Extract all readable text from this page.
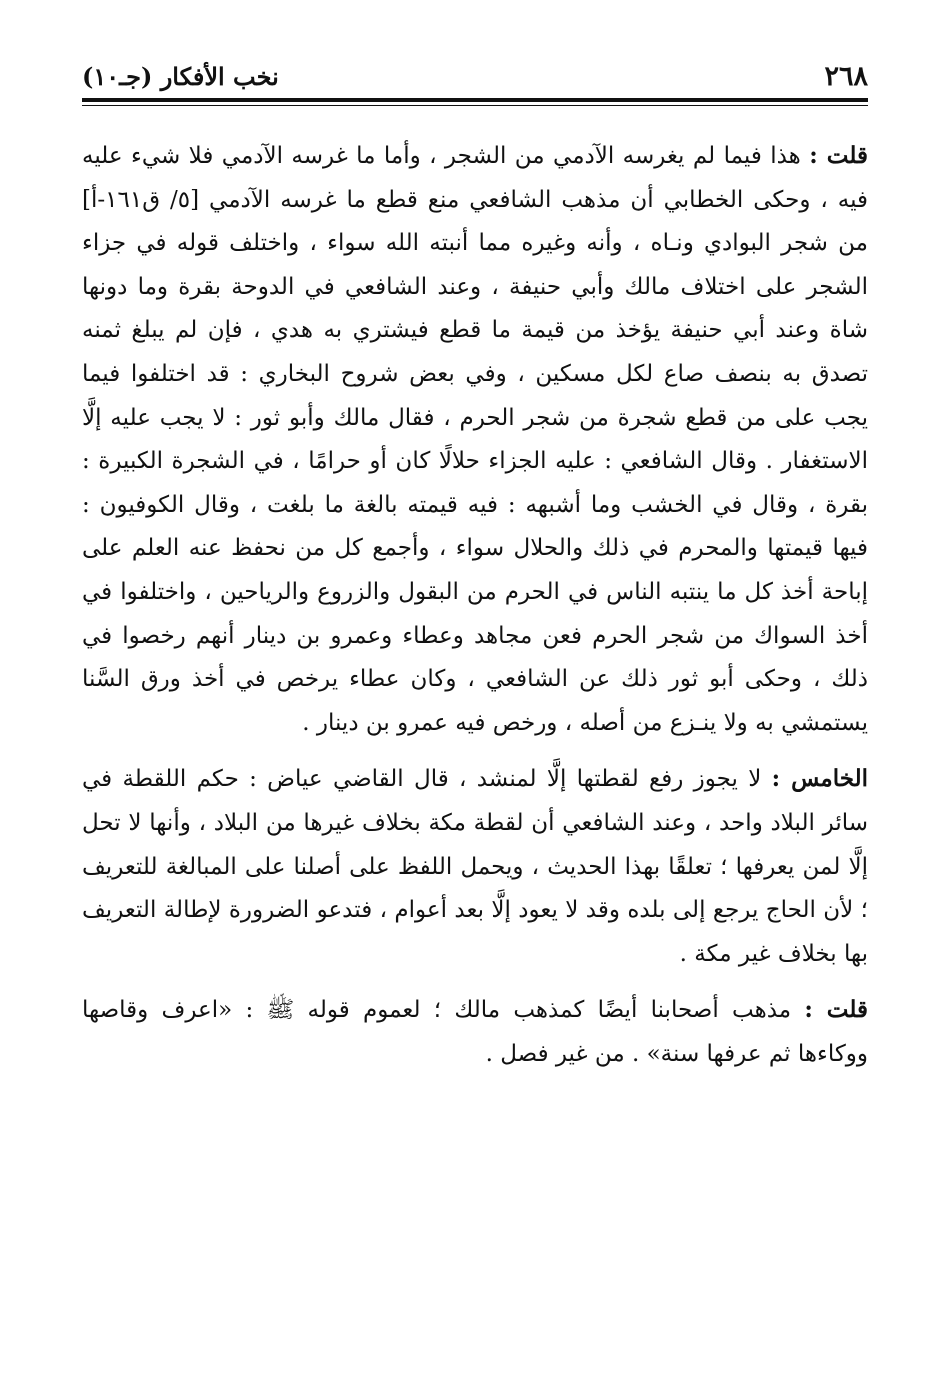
٢٦٨
نخب الأفكار (جـ١٠)

قلت : هذا فيما لم يغرسه الآدمي من الشجر ، وأما ما غرسه الآدمي فلا شيء عليه فيه ، وحكى الخطابي أن مذهب الشافعي منع قطع ما غرسه الآدمي [٥/ ق١٦١-أ] من شجر البوادي ونـاه ، وأنه وغيره مما أنبته الله سواء ، واختلف قوله في جزاء الشجر على اختلاف مالك وأبي حنيفة ، وعند الشافعي في الدوحة بقرة وما دونها شاة وعند أبي حنيفة يؤخذ من قيمة ما قطع فيشتري به هدي ، فإن لم يبلغ ثمنه تصدق به بنصف صاع لكل مسكين ، وفي بعض شروح البخاري : قد اختلفوا فيما يجب على من قطع شجرة من شجر الحرم ، فقال مالك وأبو ثور : لا يجب عليه إلَّا الاستغفار . وقال الشافعي : عليه الجزاء حلالًا كان أو حرامًا ، في الشجرة الكبيرة : بقرة ، وقال في الخشب وما أشبهه : فيه قيمته بالغة ما بلغت ، وقال الكوفيون : فيها قيمتها والمحرم في ذلك والحلال سواء ، وأجمع كل من نحفظ عنه العلم على إباحة أخذ كل ما ينتبه الناس في الحرم من البقول والزروع والرياحين ، واختلفوا في أخذ السواك من شجر الحرم فعن مجاهد وعطاء وعمرو بن دينار أنهم رخصوا في ذلك ، وحكى أبو ثور ذلك عن الشافعي ، وكان عطاء يرخص في أخذ ورق السَّنا يستمشي به ولا ينـزع من أصله ، ورخص فيه عمرو بن دينار .

الخامس : لا يجوز رفع لقطتها إلَّا لمنشد ، قال القاضي عياض : حكم اللقطة في سائر البلاد واحد ، وعند الشافعي أن لقطة مكة بخلاف غيرها من البلاد ، وأنها لا تحل إلَّا لمن يعرفها ؛ تعلقًا بهذا الحديث ، ويحمل اللفظ على أصلنا على المبالغة للتعريف ؛ لأن الحاج يرجع إلى بلده وقد لا يعود إلَّا بعد أعوام ، فتدعو الضرورة لإطالة التعريف بها بخلاف غير مكة .

قلت : مذهب أصحابنا أيضًا كمذهب مالك ؛ لعموم قوله ﷺ : «اعرف وقاصها ووكاءها ثم عرفها سنة» . من غير فصل .
